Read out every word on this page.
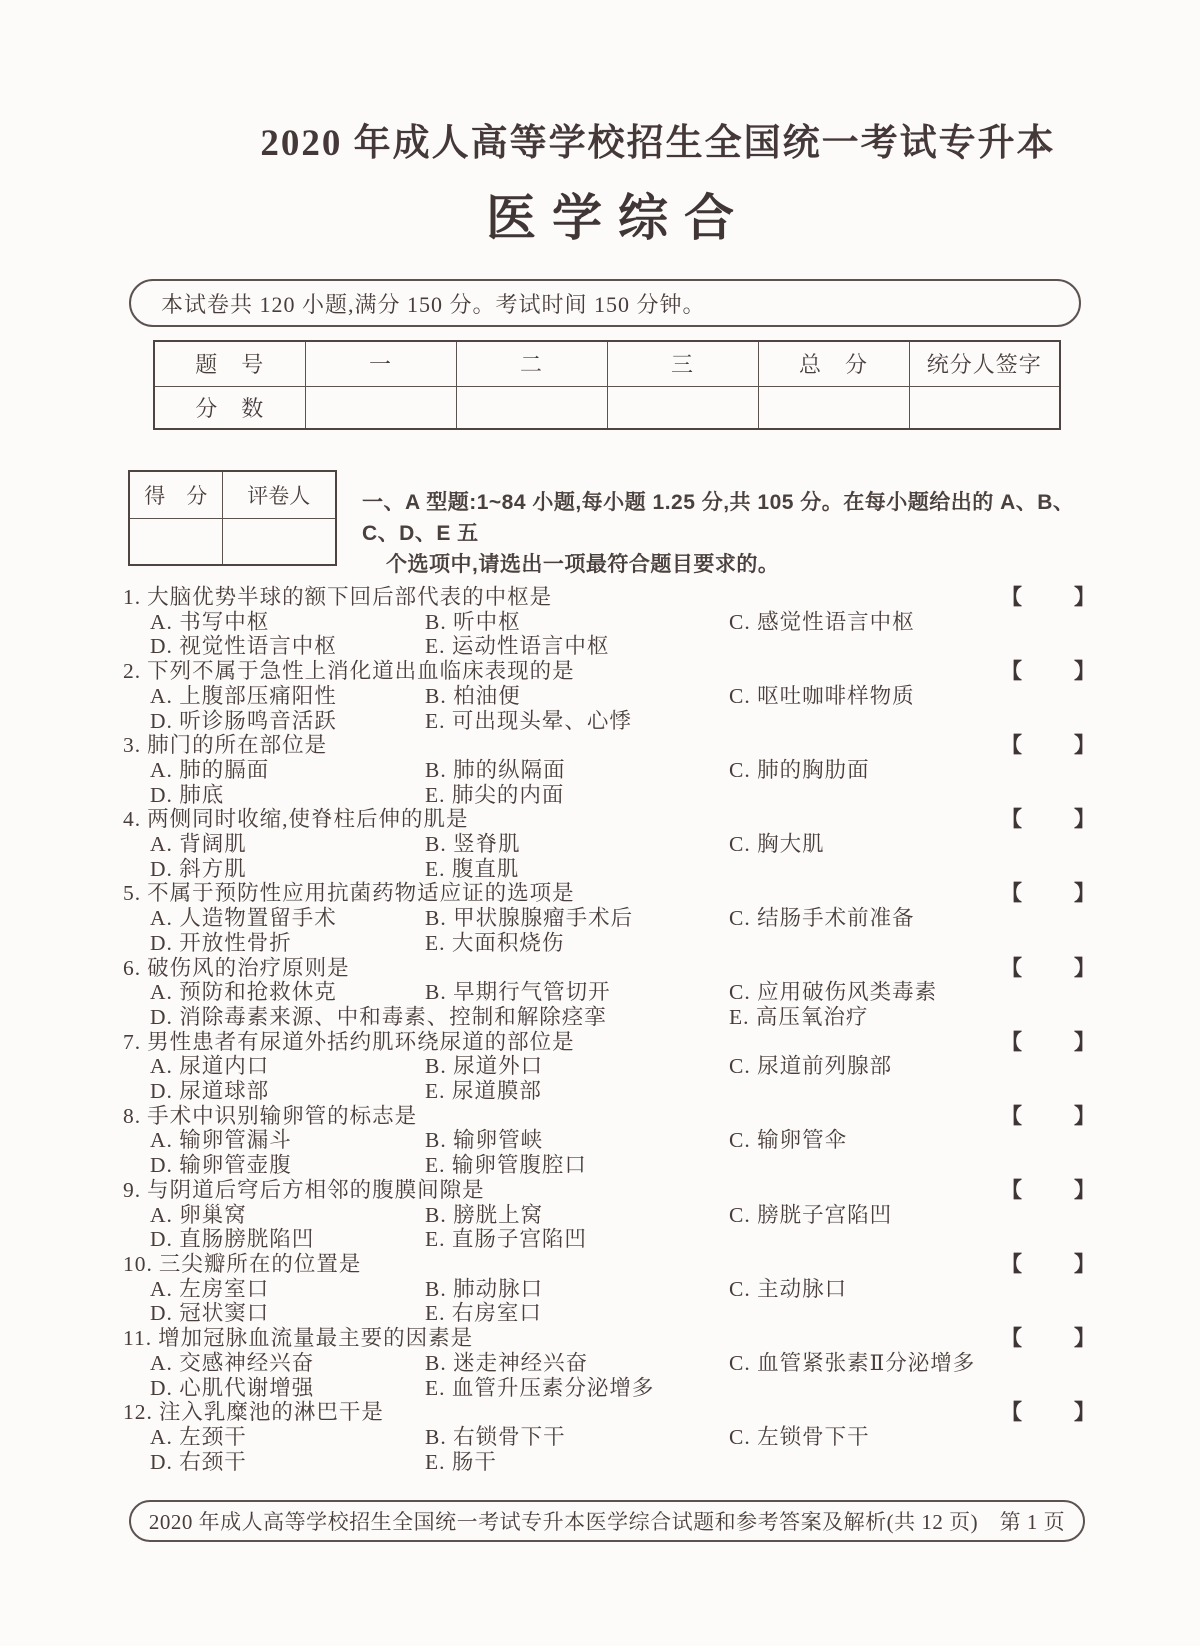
2020 年成人高等学校招生全国统一考试专升本
医学综合
本试卷共 120 小题,满分 150 分。考试时间 150 分钟。
题　号	一	二	三	总　分	统分人签字
分　数					
得　分	评卷人
	一、A 型题:1~84 小题,每小题 1.25 分,共 105 分。在每小题给出的 A、B、C、D、E 五
个选项中,请选出一项最符合题目要求的。
1. 大脑优势半球的额下回后部代表的中枢是	【 】
A. 书写中枢	B. 听中枢	C. 感觉性语言中枢
D. 视觉性语言中枢	E. 运动性语言中枢
2. 下列不属于急性上消化道出血临床表现的是	【 】
A. 上腹部压痛阳性	B. 柏油便	C. 呕吐咖啡样物质
D. 听诊肠鸣音活跃	E. 可出现头晕、心悸
3. 肺门的所在部位是	【 】
A. 肺的膈面	B. 肺的纵隔面	C. 肺的胸肋面
D. 肺底	E. 肺尖的内面
4. 两侧同时收缩,使脊柱后伸的肌是	【 】
A. 背阔肌	B. 竖脊肌	C. 胸大肌
D. 斜方肌	E. 腹直肌
5. 不属于预防性应用抗菌药物适应证的选项是	【 】
A. 人造物置留手术	B. 甲状腺腺瘤手术后	C. 结肠手术前准备
D. 开放性骨折	E. 大面积烧伤
6. 破伤风的治疗原则是	【 】
A. 预防和抢救休克	B. 早期行气管切开	C. 应用破伤风类毒素
D. 消除毒素来源、中和毒素、控制和解除痉挛	E. 高压氧治疗
7. 男性患者有尿道外括约肌环绕尿道的部位是	【 】
A. 尿道内口	B. 尿道外口	C. 尿道前列腺部
D. 尿道球部	E. 尿道膜部
8. 手术中识别输卵管的标志是	【 】
A. 输卵管漏斗	B. 输卵管峡	C. 输卵管伞
D. 输卵管壶腹	E. 输卵管腹腔口
9. 与阴道后穹后方相邻的腹膜间隙是	【 】
A. 卵巢窝	B. 膀胱上窝	C. 膀胱子宫陷凹
D. 直肠膀胱陷凹	E. 直肠子宫陷凹
10. 三尖瓣所在的位置是	【 】
A. 左房室口	B. 肺动脉口	C. 主动脉口
D. 冠状窦口	E. 右房室口
11. 增加冠脉血流量最主要的因素是	【 】
A. 交感神经兴奋	B. 迷走神经兴奋	C. 血管紧张素Ⅱ分泌增多
D. 心肌代谢增强	E. 血管升压素分泌增多
12. 注入乳糜池的淋巴干是	【 】
A. 左颈干	B. 右锁骨下干	C. 左锁骨下干
D. 右颈干	E. 肠干
2020 年成人高等学校招生全国统一考试专升本医学综合试题和参考答案及解析(共 12 页)　第 1 页
